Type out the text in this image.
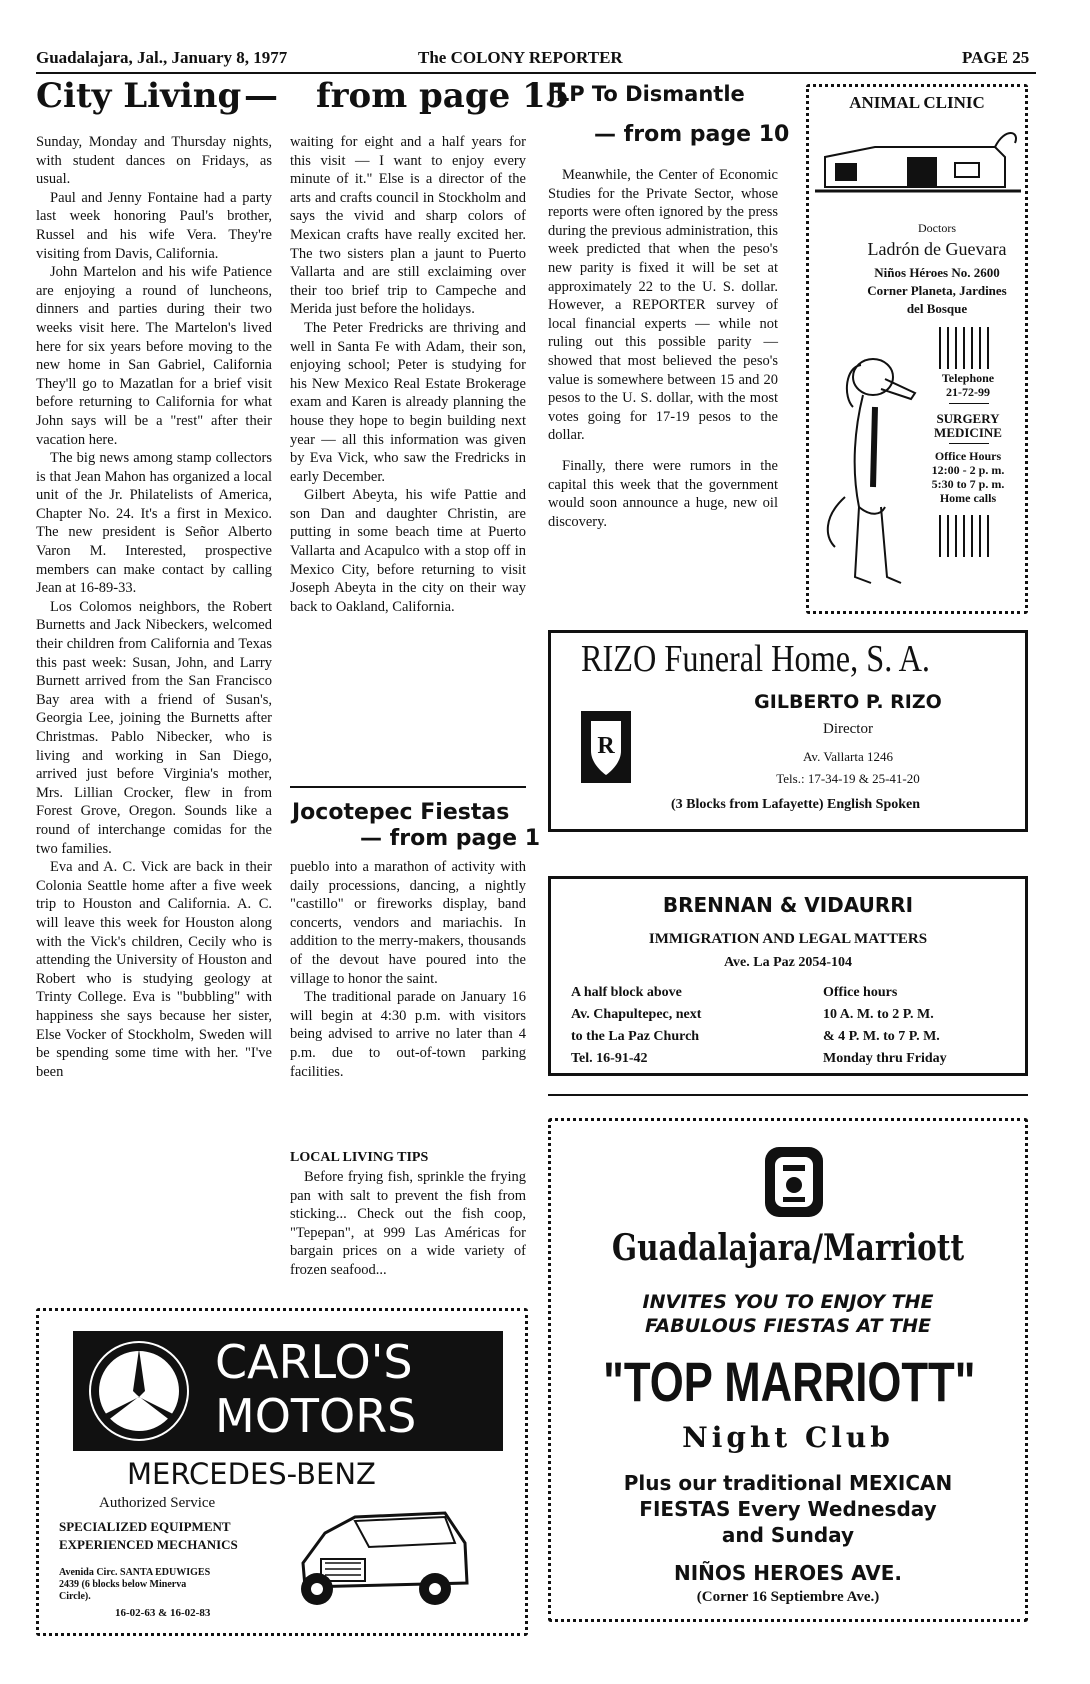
Guadalajara, Jal., January 8, 1977	The COLONY REPORTER	PAGE 25
City Living — from page 15

Sunday, Monday and Thursday nights, with student dances on Fridays, as usual.

Paul and Jenny Fontaine had a party last week honoring Paul's brother, Russel and his wife Vera. They're visiting from Davis, California.

John Martelon and his wife Patience are enjoying a round of luncheons, dinners and parties during their two weeks visit here. The Martelon's lived here for six years before moving to the new home in San Gabriel, California They'll go to Mazatlan for a brief visit before returning to California for what John says will be a "rest" after their vacation here.

The big news among stamp collectors is that Jean Mahon has organized a local unit of the Jr. Philatelists of America, Chapter No. 24. It's a first in Mexico. The new president is Señor Alberto Varon M. Interested, prospective members can make contact by calling Jean at 16-89-33.

Los Colomos neighbors, the Robert Burnetts and Jack Nibeckers, welcomed their children from California and Texas this past week: Susan, John, and Larry Burnett arrived from the San Francisco Bay area with a friend of Susan's, Georgia Lee, joining the Burnetts after Christmas. Pablo Nibecker, who is living and working in San Diego, arrived just before Virginia's mother, Mrs. Lillian Crocker, flew in from Forest Grove, Oregon. Sounds like a round of interchange comidas for the two families.

Eva and A. C. Vick are back in their Colonia Seattle home after a five week trip to Houston and California. A. C. will leave this week for Houston along with the Vick's children, Cecily who is attending the University of Houston and Robert who is studying geology at Trinty College. Eva is "bubbling" with happiness she says because her sister, Else Vocker of Stockholm, Sweden will be spending some time with her. "I've been

waiting for eight and a half years for this visit — I want to enjoy every minute of it." Else is a director of the arts and crafts council in Stockholm and says the vivid and sharp colors of Mexican crafts have really excited her. The two sisters plan a jaunt to Puerto Vallarta and are still exclaiming over their too brief trip to Campeche and Merida just before the holidays.

The Peter Fredricks are thriving and well in Santa Fe with Adam, their son, enjoying school; Peter is studying for his New Mexico Real Estate Brokerage exam and Karen is already planning the house they hope to begin building next year — all this information was given by Eva Vick, who saw the Fredricks in early December.

Gilbert Abeyta, his wife Pattie and son Dan and daughter Christin, are putting in some beach time at Puerto Vallarta and Acapulco with a stop off in Mexico City, before returning to visit Joseph Abeyta in the city on their way back to Oakland, California.

Jocotepec Fiestas
— from page 1

pueblo into a marathon of activity with daily processions, dancing, a nightly "castillo" or fireworks display, band concerts, vendors and mariachis. In addition to the merry-makers, thousands of the devout have poured into the village to honor the saint.

The traditional parade on January 16 will begin at 4:30 p.m. with visitors being advised to arrive no later than 4 p.m. due to out-of-town parking facilities.

LOCAL LIVING TIPS

Before frying fish, sprinkle the frying pan with salt to prevent the fish from sticking... Check out the fish coop, "Tepepan", at 999 Las Américas for bargain prices on a wide variety of frozen seafood...

JLP To Dismantle
— from page 10

Meanwhile, the Center of Economic Studies for the Private Sector, whose reports were often ignored by the press during the previous administration, this week predicted that when the peso's new parity is fixed it will be set at approximately 22 to the U. S. dollar. However, a REPORTER survey of local financial experts — while not ruling out this possible parity — showed that most believed the peso's value is somewhere between 15 and 20 pesos to the U. S. dollar, with the most votes going for 17-19 pesos to the dollar.

Finally, there were rumors in the capital this week that the government would soon announce a huge, new oil discovery.

ANIMAL CLINIC
Doctors
Ladrón de Guevara
Niños Héroes No. 2600
Corner Planeta, Jardines
del Bosque
Telephone
21-72-99
SURGERY
MEDICINE
Office Hours
12:00 - 2 p. m.
5:30 to 7 p. m.
Home calls
RIZO Funeral Home, S. A.
R
GILBERTO P. RIZO
Director
Av. Vallarta 1246
Tels.: 17-34-19 & 25-41-20
(3 Blocks from Lafayette) English Spoken
BRENNAN & VIDAURRI
IMMIGRATION AND LEGAL MATTERS
Ave. La Paz 2054-104
A half block above
Av. Chapultepec, next
to the La Paz Church
Tel. 16-91-42
Office hours
10 A. M. to 2 P. M.
& 4 P. M. to 7 P. M.
Monday thru Friday
CARLO'S
MOTORS
MERCEDES-BENZ
Authorized Service
SPECIALIZED EQUIPMENT
EXPERIENCED MECHANICS
Avenida Circ. SANTA EDUWIGES
2439 (6 blocks below Minerva
Circle).
16-02-63 & 16-02-83
Guadalajara/Marriott
INVITES YOU TO ENJOY THE
FABULOUS FIESTAS AT THE
"TOP MARRIOTT"
Night Club
Plus our traditional MEXICAN
FIESTAS Every Wednesday
and Sunday
NIÑOS HEROES AVE.
(Corner 16 Septiembre Ave.)
